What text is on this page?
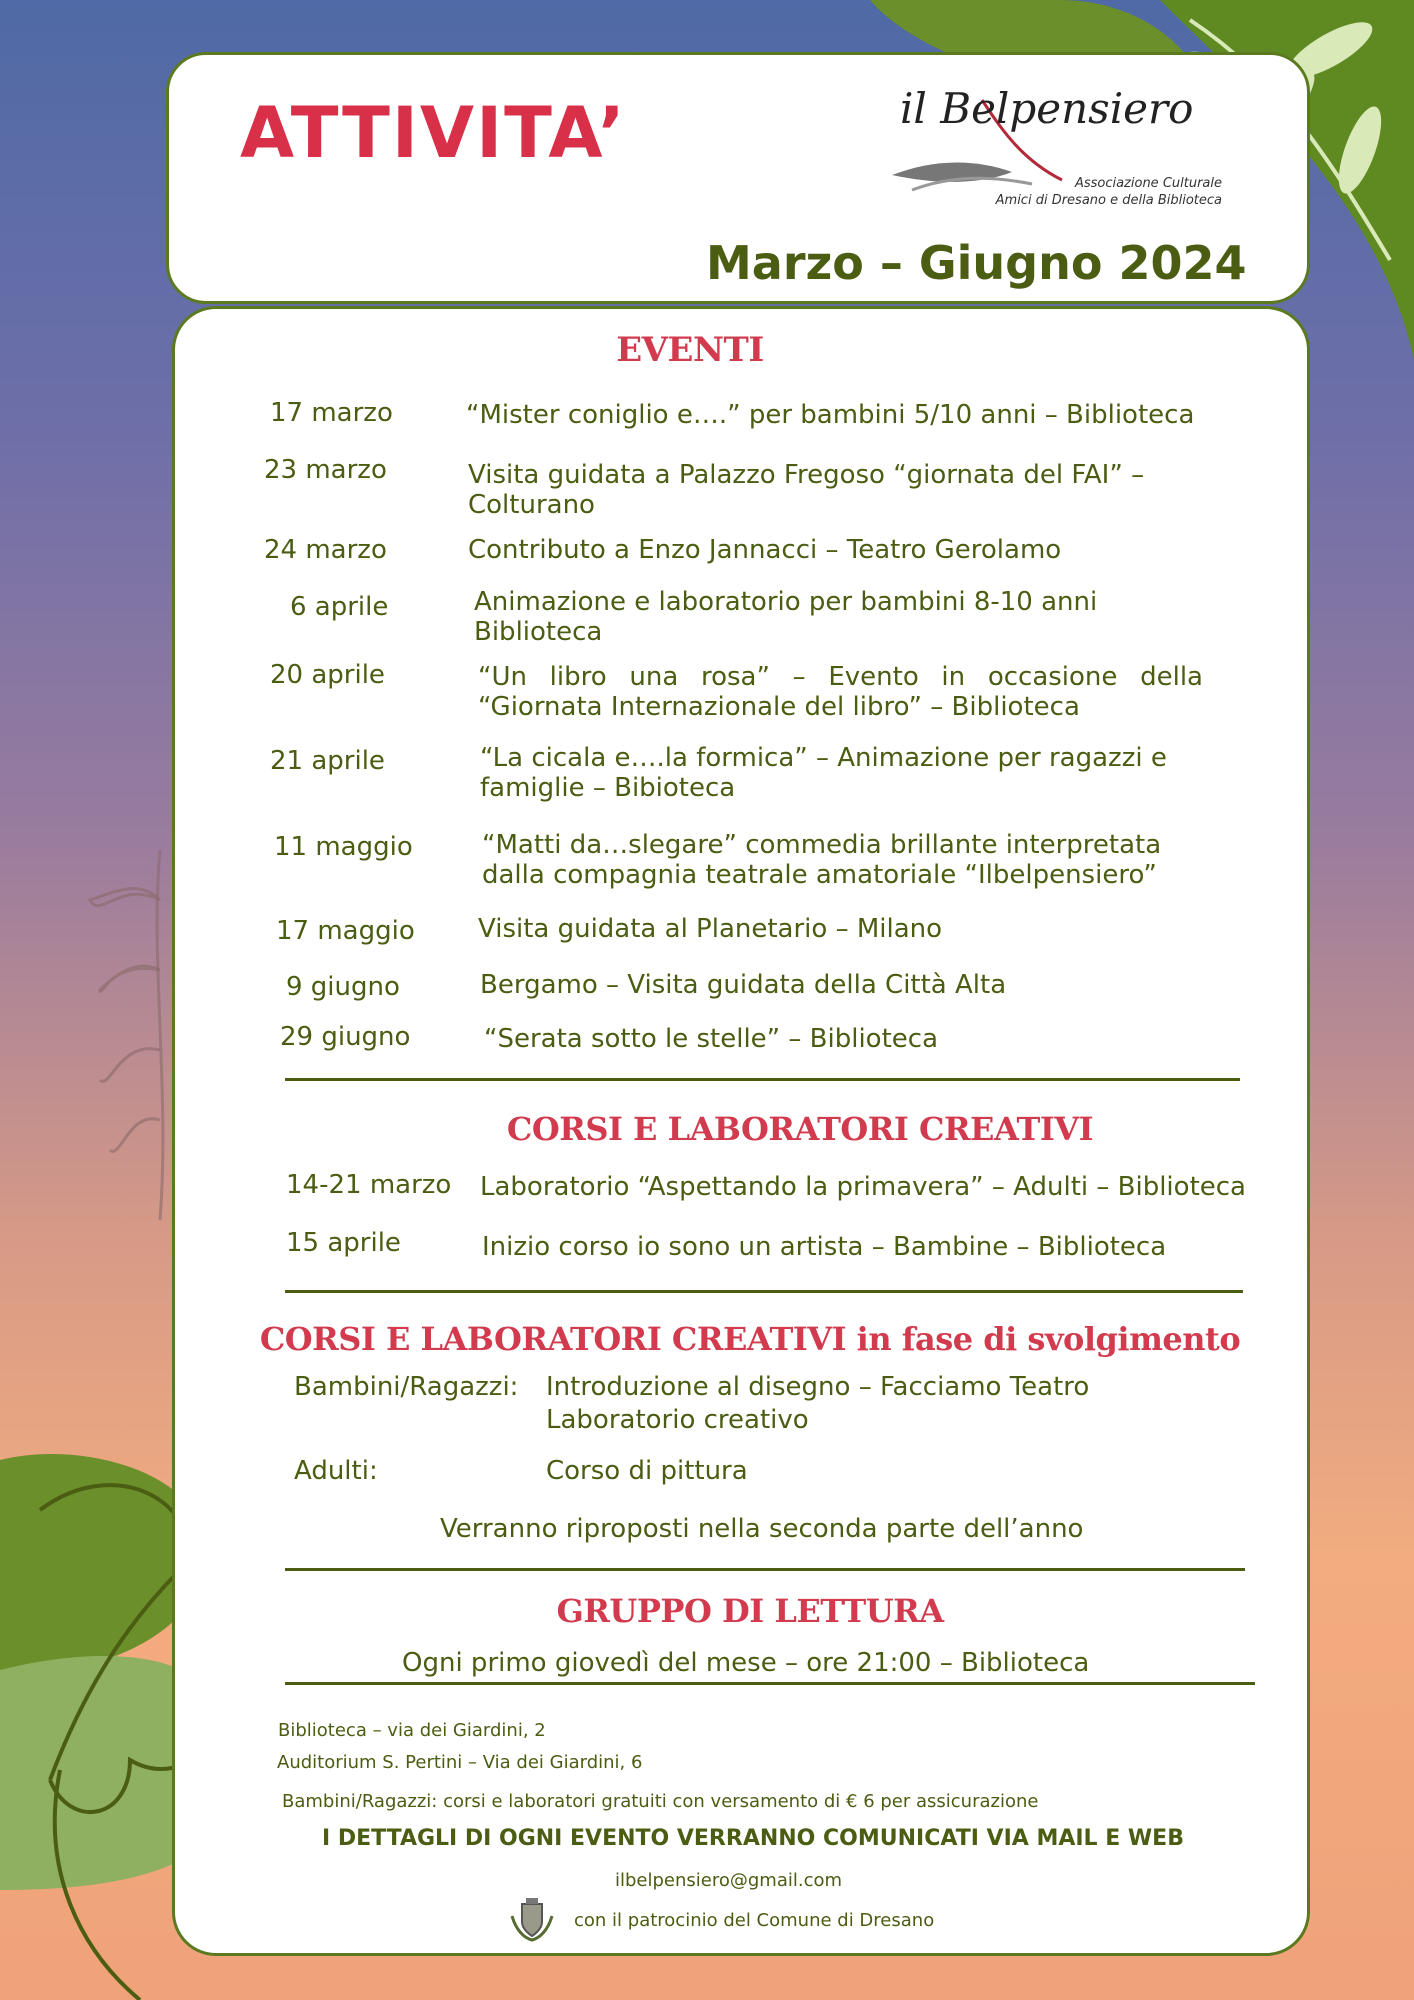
ATTIVITA’	il Belpensiero
Associazione Culturale
Amici di Dresano e della Biblioteca
Marzo – Giugno 2024
EVENTI
17 marzo	“Mister coniglio e….” per bambini 5/10 anni – Biblioteca
23 marzo	Visita guidata a Palazzo Fregoso “giornata del FAI” – Colturano
24 marzo	Contributo a Enzo Jannacci – Teatro Gerolamo
6 aprile	Animazione e laboratorio per bambini 8-10 anni Biblioteca
20 aprile	“Un libro una rosa” – Evento in occasione della “Giornata Internazionale del libro” – Biblioteca
21 aprile	“La cicala e….la formica” – Animazione per ragazzi e famiglie – Bibioteca
11 maggio	“Matti da…slegare” commedia brillante interpretata dalla compagnia teatrale amatoriale “Ilbelpensiero”
17 maggio Visita guidata al Planetario – Milano
9 giugno	Bergamo – Visita guidata della Città Alta
29 giugno	“Serata sotto le stelle” – Biblioteca
CORSI E LABORATORI CREATIVI
14-21 marzo Laboratorio “Aspettando la primavera” – Adulti – Biblioteca
15 aprile	Inizio corso io sono un artista – Bambine – Biblioteca
CORSI E LABORATORI CREATIVI in fase di svolgimento
Bambini/Ragazzi: Introduzione al disegno – Facciamo Teatro
Laboratorio creativo
Adulti:	Corso di pittura
Verranno riproposti nella seconda parte dell’anno
GRUPPO DI LETTURA
Ogni primo giovedì del mese – ore 21:00 – Biblioteca
Biblioteca – via dei Giardini, 2
Auditorium S. Pertini – Via dei Giardini, 6
Bambini/Ragazzi: corsi e laboratori gratuiti con versamento di € 6 per assicurazione
I DETTAGLI DI OGNI EVENTO VERRANNO COMUNICATI VIA MAIL E WEB
ilbelpensiero@gmail.com
con il patrocinio del Comune di Dresano
